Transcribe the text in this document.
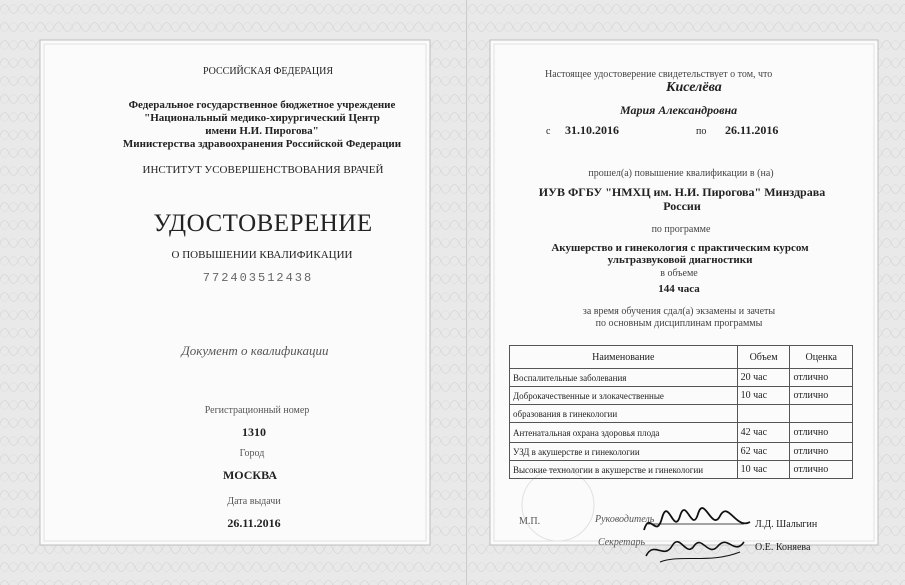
РОССИЙСКАЯ ФЕДЕРАЦИЯ
Федеральное государственное бюджетное учреждение
"Национальный медико-хирургический Центр
имени Н.И. Пирогова"
Министерства здравоохранения Российской Федерации
ИНСТИТУТ УСОВЕРШЕНСТВОВАНИЯ ВРАЧЕЙ
УДОСТОВЕРЕНИЕ
О ПОВЫШЕНИИ КВАЛИФИКАЦИИ
772403512438
Документ о квалификации
Регистрационный номер
1310
Город
МОСКВА
Дата выдачи
26.11.2016
Настоящее удостоверение свидетельствует о том, что
Киселёва
Мария Александровна
с 31.10.2016	по 26.11.2016
прошел(а) повышение квалификации в (на)
ИУВ ФГБУ "НМХЦ им. Н.И. Пирогова" Минздрава
России
по программе
Акушерство и гинекология с практическим курсом
ультразвуковой диагностики
в объеме
144 часа
за время обучения сдал(а) экзамены и зачеты
по основным дисциплинам программы
Наименование	Объем	Оценка
Воспалительные заболевания	20 час	отлично
Доброкачественные и злокачественные	10 час	отлично
образования в гинекологии		
Антенатальная охрана здоровья плода	42 час	отлично
УЗД в акушерстве и гинекологии	62 час	отлично
Высокие технологии в акушерстве и гинекологии	10 час	отлично
М.П.	Руководитель	Л.Д. Шалыгин
Секретарь	О.Е. Коняева
